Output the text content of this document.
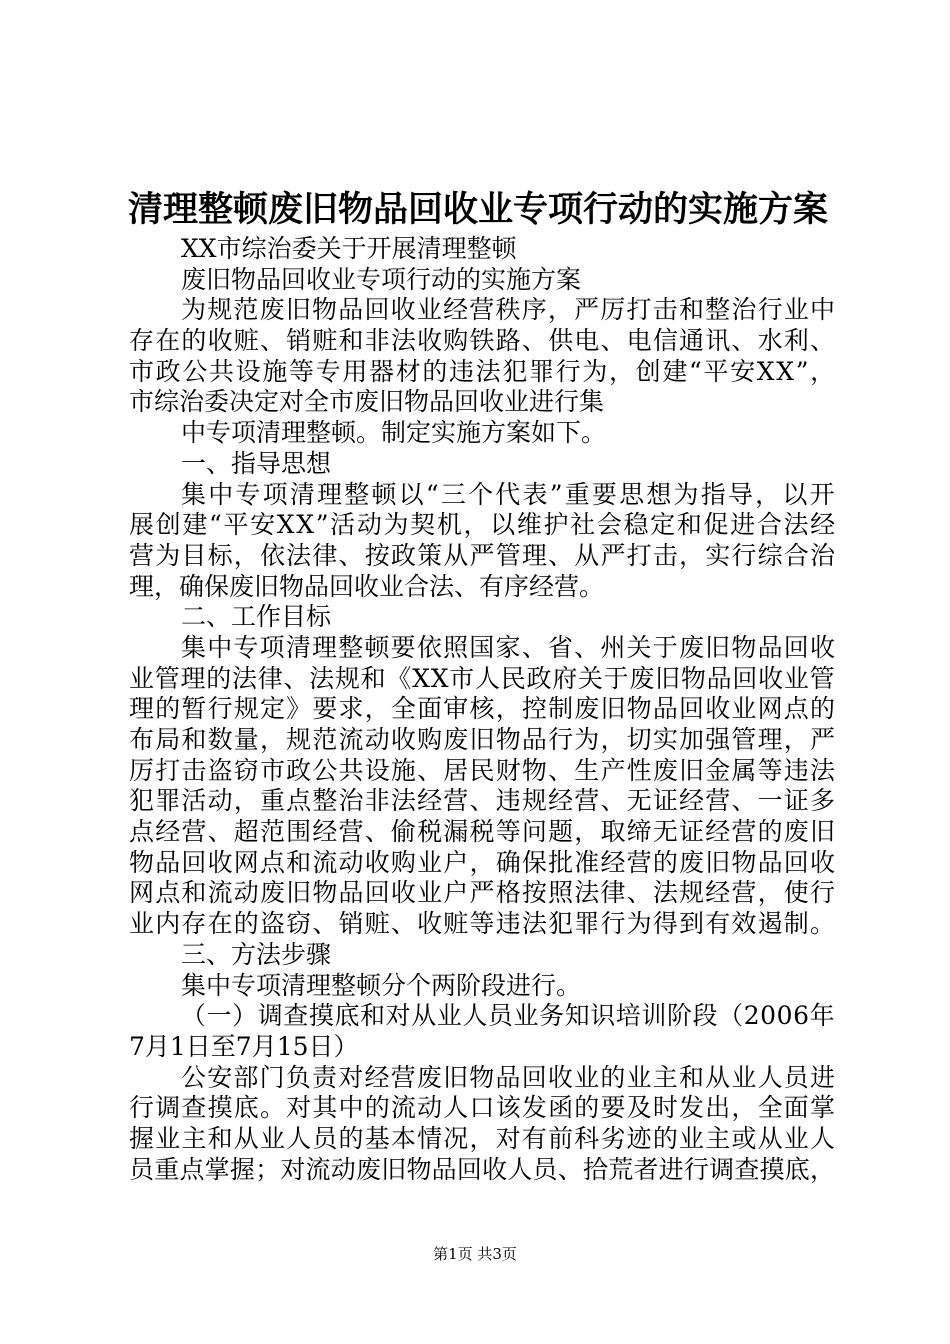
清理整顿废旧物品回收业专项行动的实施方案
XX市综治委关于开展清理整顿
废旧物品回收业专项行动的实施方案
为规范废旧物品回收业经营秩序，严厉打击和整治行业中
存在的收赃、销赃和非法收购铁路、供电、电信通讯、水利、
市政公共设施等专用器材的违法犯罪行为，创建“平安XX”，
市综治委决定对全市废旧物品回收业进行集
中专项清理整顿。制定实施方案如下。
一、指导思想
集中专项清理整顿以“三个代表”重要思想为指导，以开
展创建“平安XX”活动为契机，以维护社会稳定和促进合法经
营为目标，依法律、按政策从严管理、从严打击，实行综合治
理，确保废旧物品回收业合法、有序经营。
二、工作目标
集中专项清理整顿要依照国家、省、州关于废旧物品回收
业管理的法律、法规和《XX市人民政府关于废旧物品回收业管
理的暂行规定》要求，全面审核，控制废旧物品回收业网点的
布局和数量，规范流动收购废旧物品行为，切实加强管理，严
厉打击盗窃市政公共设施、居民财物、生产性废旧金属等违法
犯罪活动，重点整治非法经营、违规经营、无证经营、一证多
点经营、超范围经营、偷税漏税等问题，取缔无证经营的废旧
物品回收网点和流动收购业户，确保批准经营的废旧物品回收
网点和流动废旧物品回收业户严格按照法律、法规经营，使行
业内存在的盗窃、销赃、收赃等违法犯罪行为得到有效遏制。
三、方法步骤
集中专项清理整顿分个两阶段进行。
（一）调查摸底和对从业人员业务知识培训阶段（2006年
7月1日至7月15日）
公安部门负责对经营废旧物品回收业的业主和从业人员进
行调查摸底。对其中的流动人口该发函的要及时发出，全面掌
握业主和从业人员的基本情况，对有前科劣迹的业主或从业人
员重点掌握；对流动废旧物品回收人员、拾荒者进行调查摸底，
第1页 共3页
